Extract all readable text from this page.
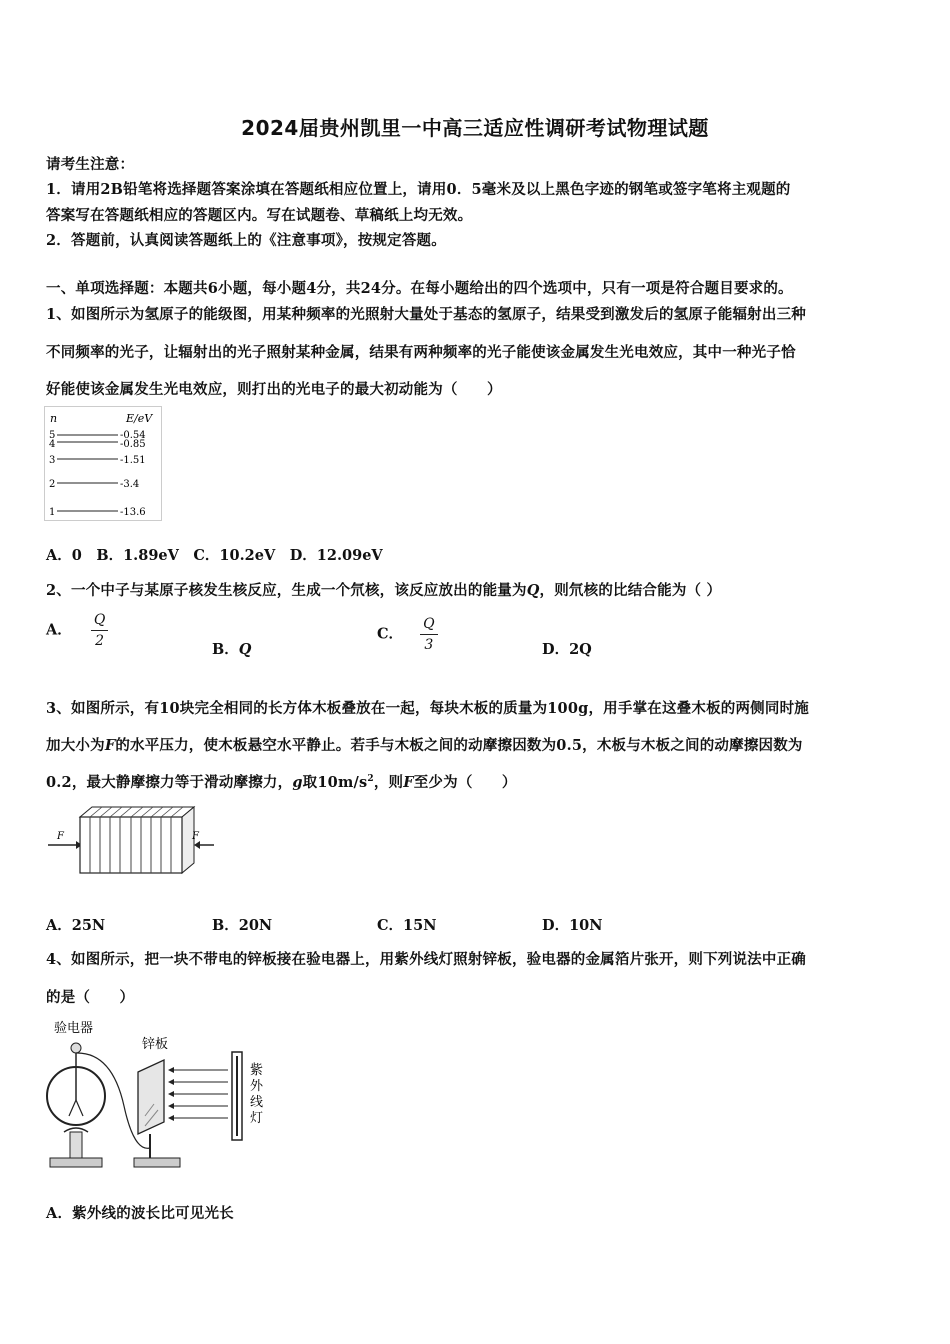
2024届贵州凯里一中高三适应性调研考试物理试题
请考生注意：
1．请用2B铅笔将选择题答案涂填在答题纸相应位置上，请用0．5毫米及以上黑色字迹的钢笔或签字笔将主观题的
答案写在答题纸相应的答题区内。写在试题卷、草稿纸上均无效。
2．答题前，认真阅读答题纸上的《注意事项》，按规定答题。
一、单项选择题：本题共6小题，每小题4分，共24分。在每小题给出的四个选项中，只有一项是符合题目要求的。
1、如图所示为氢原子的能级图，用某种频率的光照射大量处于基态的氢原子，结果受到激发后的氢原子能辐射出三种
不同频率的光子，让辐射出的光子照射某种金属，结果有两种频率的光子能使该金属发生光电效应，其中一种光子恰
好能使该金属发生光电效应，则打出的光电子的最大初动能为（　　）
n	E/eV
5	-0.54
4	-0.85
3	-1.51
2	-3.4
1	-13.6
A．0　B．1.89eV　C．10.2eV　D．12.09eV
2、一个中子与某原子核发生核反应，生成一个氘核，该反应放出的能量为Q，则氘核的比结合能为（ ）
A． $\frac{Q}{2}$
B．Q
C． $\frac{Q}{3}$	D．2Q
3、如图所示，有10块完全相同的长方体木板叠放在一起，每块木板的质量为100g，用手掌在这叠木板的两侧同时施
加大小为F的水平压力，使木板悬空水平静止。若手与木板之间的动摩擦因数为0.5，木板与木板之间的动摩擦因数为
0.2，最大静摩擦力等于滑动摩擦力，g取$10m/s^2$，则F至少为（　　）
F	F
A．25N	B．20N	C．15N	D．10N
4、如图所示，把一块不带电的锌板接在验电器上，用紫外线灯照射锌板，验电器的金属箔片张开，则下列说法中正确
的是（　　）
验电器
锌板
紫
外
线
灯
A．紫外线的波长比可见光长
